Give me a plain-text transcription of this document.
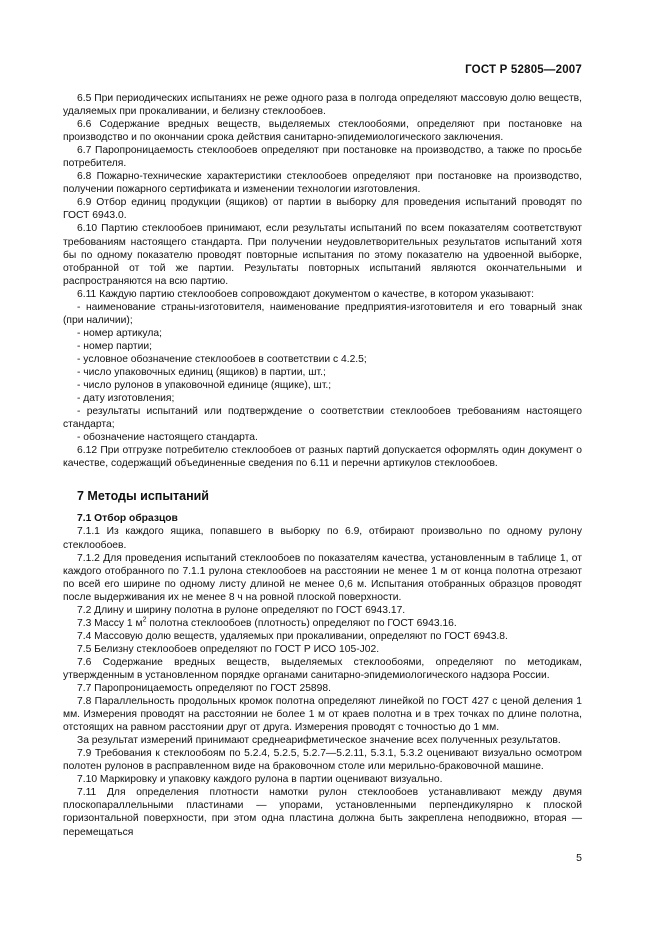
ГОСТ Р 52805—2007

6.5 При периодических испытаниях не реже одного раза в полгода определяют массовую долю веществ, удаляемых при прокаливании, и белизну стеклообоев.

6.6 Содержание вредных веществ, выделяемых стеклообоями, определяют при постановке на производство и по окончании срока действия санитарно-эпидемиологического заключения.

6.7 Паропроницаемость стеклообоев определяют при постановке на производство, а также по просьбе потребителя.

6.8 Пожарно-технические характеристики стеклообоев определяют при постановке на производство, получении пожарного сертификата и изменении технологии изготовления.

6.9 Отбор единиц продукции (ящиков) от партии в выборку для проведения испытаний проводят по ГОСТ 6943.0.

6.10 Партию стеклообоев принимают, если результаты испытаний по всем показателям соответствуют требованиям настоящего стандарта. При получении неудовлетворительных результатов испытаний хотя бы по одному показателю проводят повторные испытания по этому показателю на удвоенной выборке, отобранной от той же партии. Результаты повторных испытаний являются окончательными и распространяются на всю партию.

6.11 Каждую партию стеклообоев сопровождают документом о качестве, в котором указывают:

- наименование страны-изготовителя, наименование предприятия-изготовителя и его товарный знак (при наличии);

- номер артикула;

- номер партии;

- условное обозначение стеклообоев в соответствии с 4.2.5;

- число упаковочных единиц (ящиков) в партии, шт.;

- число рулонов в упаковочной единице (ящике), шт.;

- дату изготовления;

- результаты испытаний или подтверждение о соответствии стеклообоев требованиям настоящего стандарта;

- обозначение настоящего стандарта.

6.12 При отгрузке потребителю стеклообоев от разных партий допускается оформлять один документ о качестве, содержащий объединенные сведения по 6.11 и перечни артикулов стеклообоев.

7 Методы испытаний
7.1 Отбор образцов

7.1.1 Из каждого ящика, попавшего в выборку по 6.9, отбирают произвольно по одному рулону стеклообоев.

7.1.2 Для проведения испытаний стеклообоев по показателям качества, установленным в таблице 1, от каждого отобранного по 7.1.1 рулона стеклообоев на расстоянии не менее 1 м от конца полотна отрезают по всей его ширине по одному листу длиной не менее 0,6 м. Испытания отобранных образцов проводят после выдерживания их не менее 8 ч на ровной плоской поверхности.

7.2 Длину и ширину полотна в рулоне определяют по ГОСТ 6943.17.

7.3 Массу 1 $м^2$ полотна стеклообоев (плотность) определяют по ГОСТ 6943.16.

7.4 Массовую долю веществ, удаляемых при прокаливании, определяют по ГОСТ 6943.8.

7.5 Белизну стеклообоев определяют по ГОСТ Р ИСО 105-J02.

7.6 Содержание вредных веществ, выделяемых стеклообоями, определяют по методикам, утвержденным в установленном порядке органами санитарно-эпидемиологического надзора России.

7.7 Паропроницаемость определяют по ГОСТ 25898.

7.8 Параллельность продольных кромок полотна определяют линейкой по ГОСТ 427 с ценой деления 1 мм. Измерения проводят на расстоянии не более 1 м от краев полотна и в трех точках по длине полотна, отстоящих на равном расстоянии друг от друга. Измерения проводят с точностью до 1 мм.

За результат измерений принимают среднеарифметическое значение всех полученных результатов.

7.9 Требования к стеклообоям по 5.2.4, 5.2.5, 5.2.7—5.2.11, 5.3.1, 5.3.2 оценивают визуально осмотром полотен рулонов в расправленном виде на браковочном столе или мерильно-браковочной машине.

7.10 Маркировку и упаковку каждого рулона в партии оценивают визуально.

7.11 Для определения плотности намотки рулон стеклообоев устанавливают между двумя плоскопараллельными пластинами — упорами, установленными перпендикулярно к плоской горизонтальной поверхности, при этом одна пластина должна быть закреплена неподвижно, вторая — перемещаться

5
